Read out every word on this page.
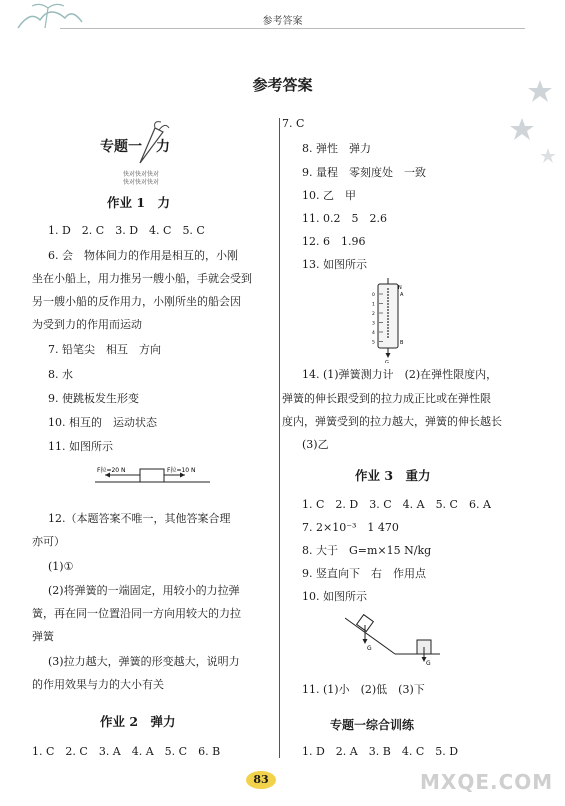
参考答案
参考答案
专题一　力
快对快对快对
快对快对快对
作业 1　力
1. D　2. C　3. D　4. C　5. C
6. 会　物体间力的作用是相互的，小刚
坐在小船上，用力推另一艘小船，手就会受到
另一艘小船的反作用力，小刚所坐的船会因
为受到力的作用而运动
7. 铅笔尖　相互　方向
8. 水
9. 使跳板发生形变
10. 相互的　运动状态
11. 如图所示
F拉=20 N	F拉=10 N
12.（本题答案不唯一，其他答案合理
亦可）
(1)①
(2)将弹簧的一端固定，用较小的力拉弹
簧，再在同一位置沿同一方向用较大的力拉
弹簧
(3)拉力越大，弹簧的形变越大，说明力
的作用效果与力的大小有关
作业 2　弹力
1. C　2. C　3. A　4. A　5. C　6. B
7. C
8. 弹性　弹力
9. 量程　零刻度处　一致
10. 乙　甲
11. 0.2　5　2.6
12. 6　1.96
13. 如图所示
N
A
B
G
0
1
2
3
4
5
14. (1)弹簧测力计　(2)在弹性限度内，
弹簧的伸长跟受到的拉力成正比或在弹性限
度内，弹簧受到的拉力越大，弹簧的伸长越长
(3)乙
作业 3　重力
1. C　2. D　3. C　4. A　5. C　6. A
7. 2×10⁻³　1 470
8. 大于　G=m×15 N/kg
9. 竖直向下　右　作用点
10. 如图所示
G
G
11. (1)小　(2)低　(3)下
专题一综合训练
1. D　2. A　3. B　4. C　5. D
83	MXQE.COM
